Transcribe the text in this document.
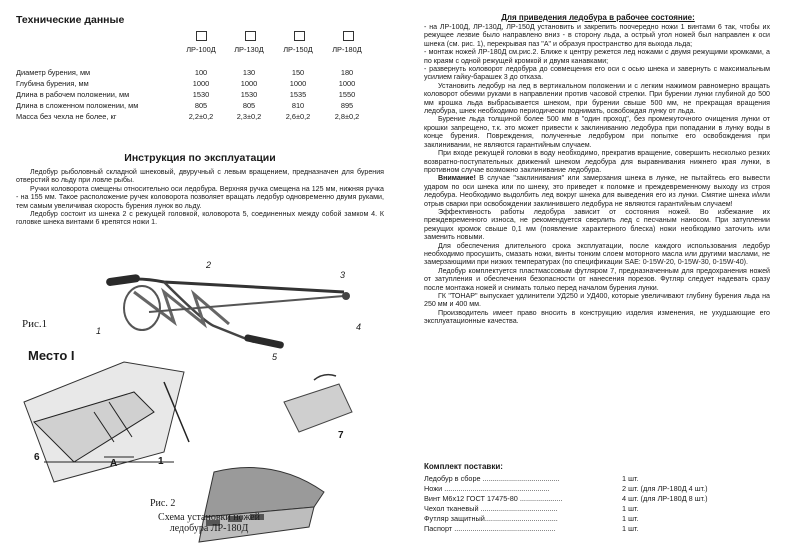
Технические данные
ЛР-100Д	ЛР-130Д	ЛР-150Д	ЛР-180Д
Диаметр бурения, мм	100	130	150	180
Глубина бурения, мм	1000	1000	1000	1000
Длина в рабочем положении, мм	1530	1530	1535	1550
Длина в сложенном положении, мм	805	805	810	895
Масса без чехла не более, кг	2,2±0,2	2,3±0,2	2,6±0,2	2,8±0,2
Инструкция по эксплуатации

Ледобур рыболовный складной шнековый, двуручный с левым вращением, предназначен для бурения отверстий во льду при ловле рыбы.

Ручки коловорота смещены относительно оси ледобура. Верхняя ручка смещена на 125 мм, нижняя ручка - на 155 мм. Такое расположение ручек коловорота позволяет вращать ледобур одновременно двумя руками, тем самым увеличивая скорость бурения лунок во льду.

Ледобур состоит из шнека 2 с режущей головкой, коловорота 5, соединенных между собой замком 4. К головке шнека винтами 6 крепятся ножи 1.

Рис.1
1
2
3
4
5
Место I
6
A	1
7
Рис. 2
Схема установки ножей
ледобура ЛР-180Д
Для приведения ледобура в рабочее состояние:

- на ЛР-100Д, ЛР-130Д, ЛР-150Д установить и закрепить поочередно ножи 1 винтами 6 так, чтобы их режущее лезвие было направлено вниз - в сторону льда, а острый угол ножей был направлен к оси шнека (см. рис. 1), перекрывая паз "А" и образуя пространство для выхода льда;

- монтаж ножей ЛР-180Д см.рис.2. Ближе к центру режется лед ножами с двумя режущими кромками, а по краям с одной режущей кромкой и двумя канавками;

- развернуть коловорот ледобура до совмещения его оси с осью шнека и завернуть с максимальным усилием гайку-барашек 3 до отказа.

Установить ледобур на лед в вертикальном положении и с легким нажимом равномерно вращать коловорот обеими руками в направлении против часовой стрелки. При бурении лунки глубиной до 500 мм крошка льда выбрасывается шнеком, при бурении свыше 500 мм, не прекращая вращения ледобура, шнек необходимо периодически поднимать, освобождая лунку от льда.

Бурение льда толщиной более 500 мм в "один проход", без промежуточного очищения лунки от крошки запрещено, т.к. это может привести к заклиниванию ледобура при попадании в лунку воды в конце бурения. Повреждения, полученные ледобуром при попытке его освобождения при заклинивании, не являются гарантийным случаем.

При входе режущей головки в воду необходимо, прекратив вращение, совершить несколько резких возвратно-поступательных движений шнеком ледобура для выравнивания нижнего края лунки, в противном случае возможно заклинивание ледобура.

Внимание! В случае "заклинивания" или замерзания шнека в лунке, не пытайтесь его вывести ударом по оси шнека или по шнеку, это приведет к поломке и преждевременному выходу из строя ледобура. Необходимо выдолбить лед вокруг шнека для выведения его из лунки. Смятие шнека и/или отрыв сварки при освобождении заклинившего ледобура не являются гарантийным случаем!

Эффективность работы ледобура зависит от состояния ножей. Во избежание их преждевременного износа, не рекомендуется сверлить лед с песчаным наносом. При затуплении режущих кромок свыше 0,1 мм (появление характерного блеска) ножи необходимо заточить или заменить новыми.

Для обеспечения длительного срока эксплуатации, после каждого использования ледобур необходимо просушить, смазать ножи, винты тонким слоем моторного масла или другими маслами, не замерзающими при низких температурах (по спецификации SAE: 0-15W-20, 0-15W-30, 0-15W-40).

Ледобур комплектуется пластмассовым футляром 7, предназначенным для предохранения ножей от затупления и обеспечения безопасности от нанесения порезов. Футляр следует надевать сразу после монтажа ножей и снимать только перед началом бурения лунки.

ГК "ТОНАР" выпускает удлинители УД250 и УД400, которые увеличивают глубину бурения льда на 250 мм и 400 мм.

Производитель имеет право вносить в конструкцию изделия изменения, не ухудшающие его эксплуатационные качества.

Комплект поставки:
Ледобур в сборе ......................................	1 шт.
Ножи ....................................................	2 шт. (для ЛР-180Д 4 шт.)
Винт М6х12 ГОСТ 17475-80 .....................	4 шт. (для ЛР-180Д 8 шт.)
Чехол тканевый ......................................	1 шт.
Футляр защитный....................................	1 шт.
Паспорт ..................................................	1 шт.
